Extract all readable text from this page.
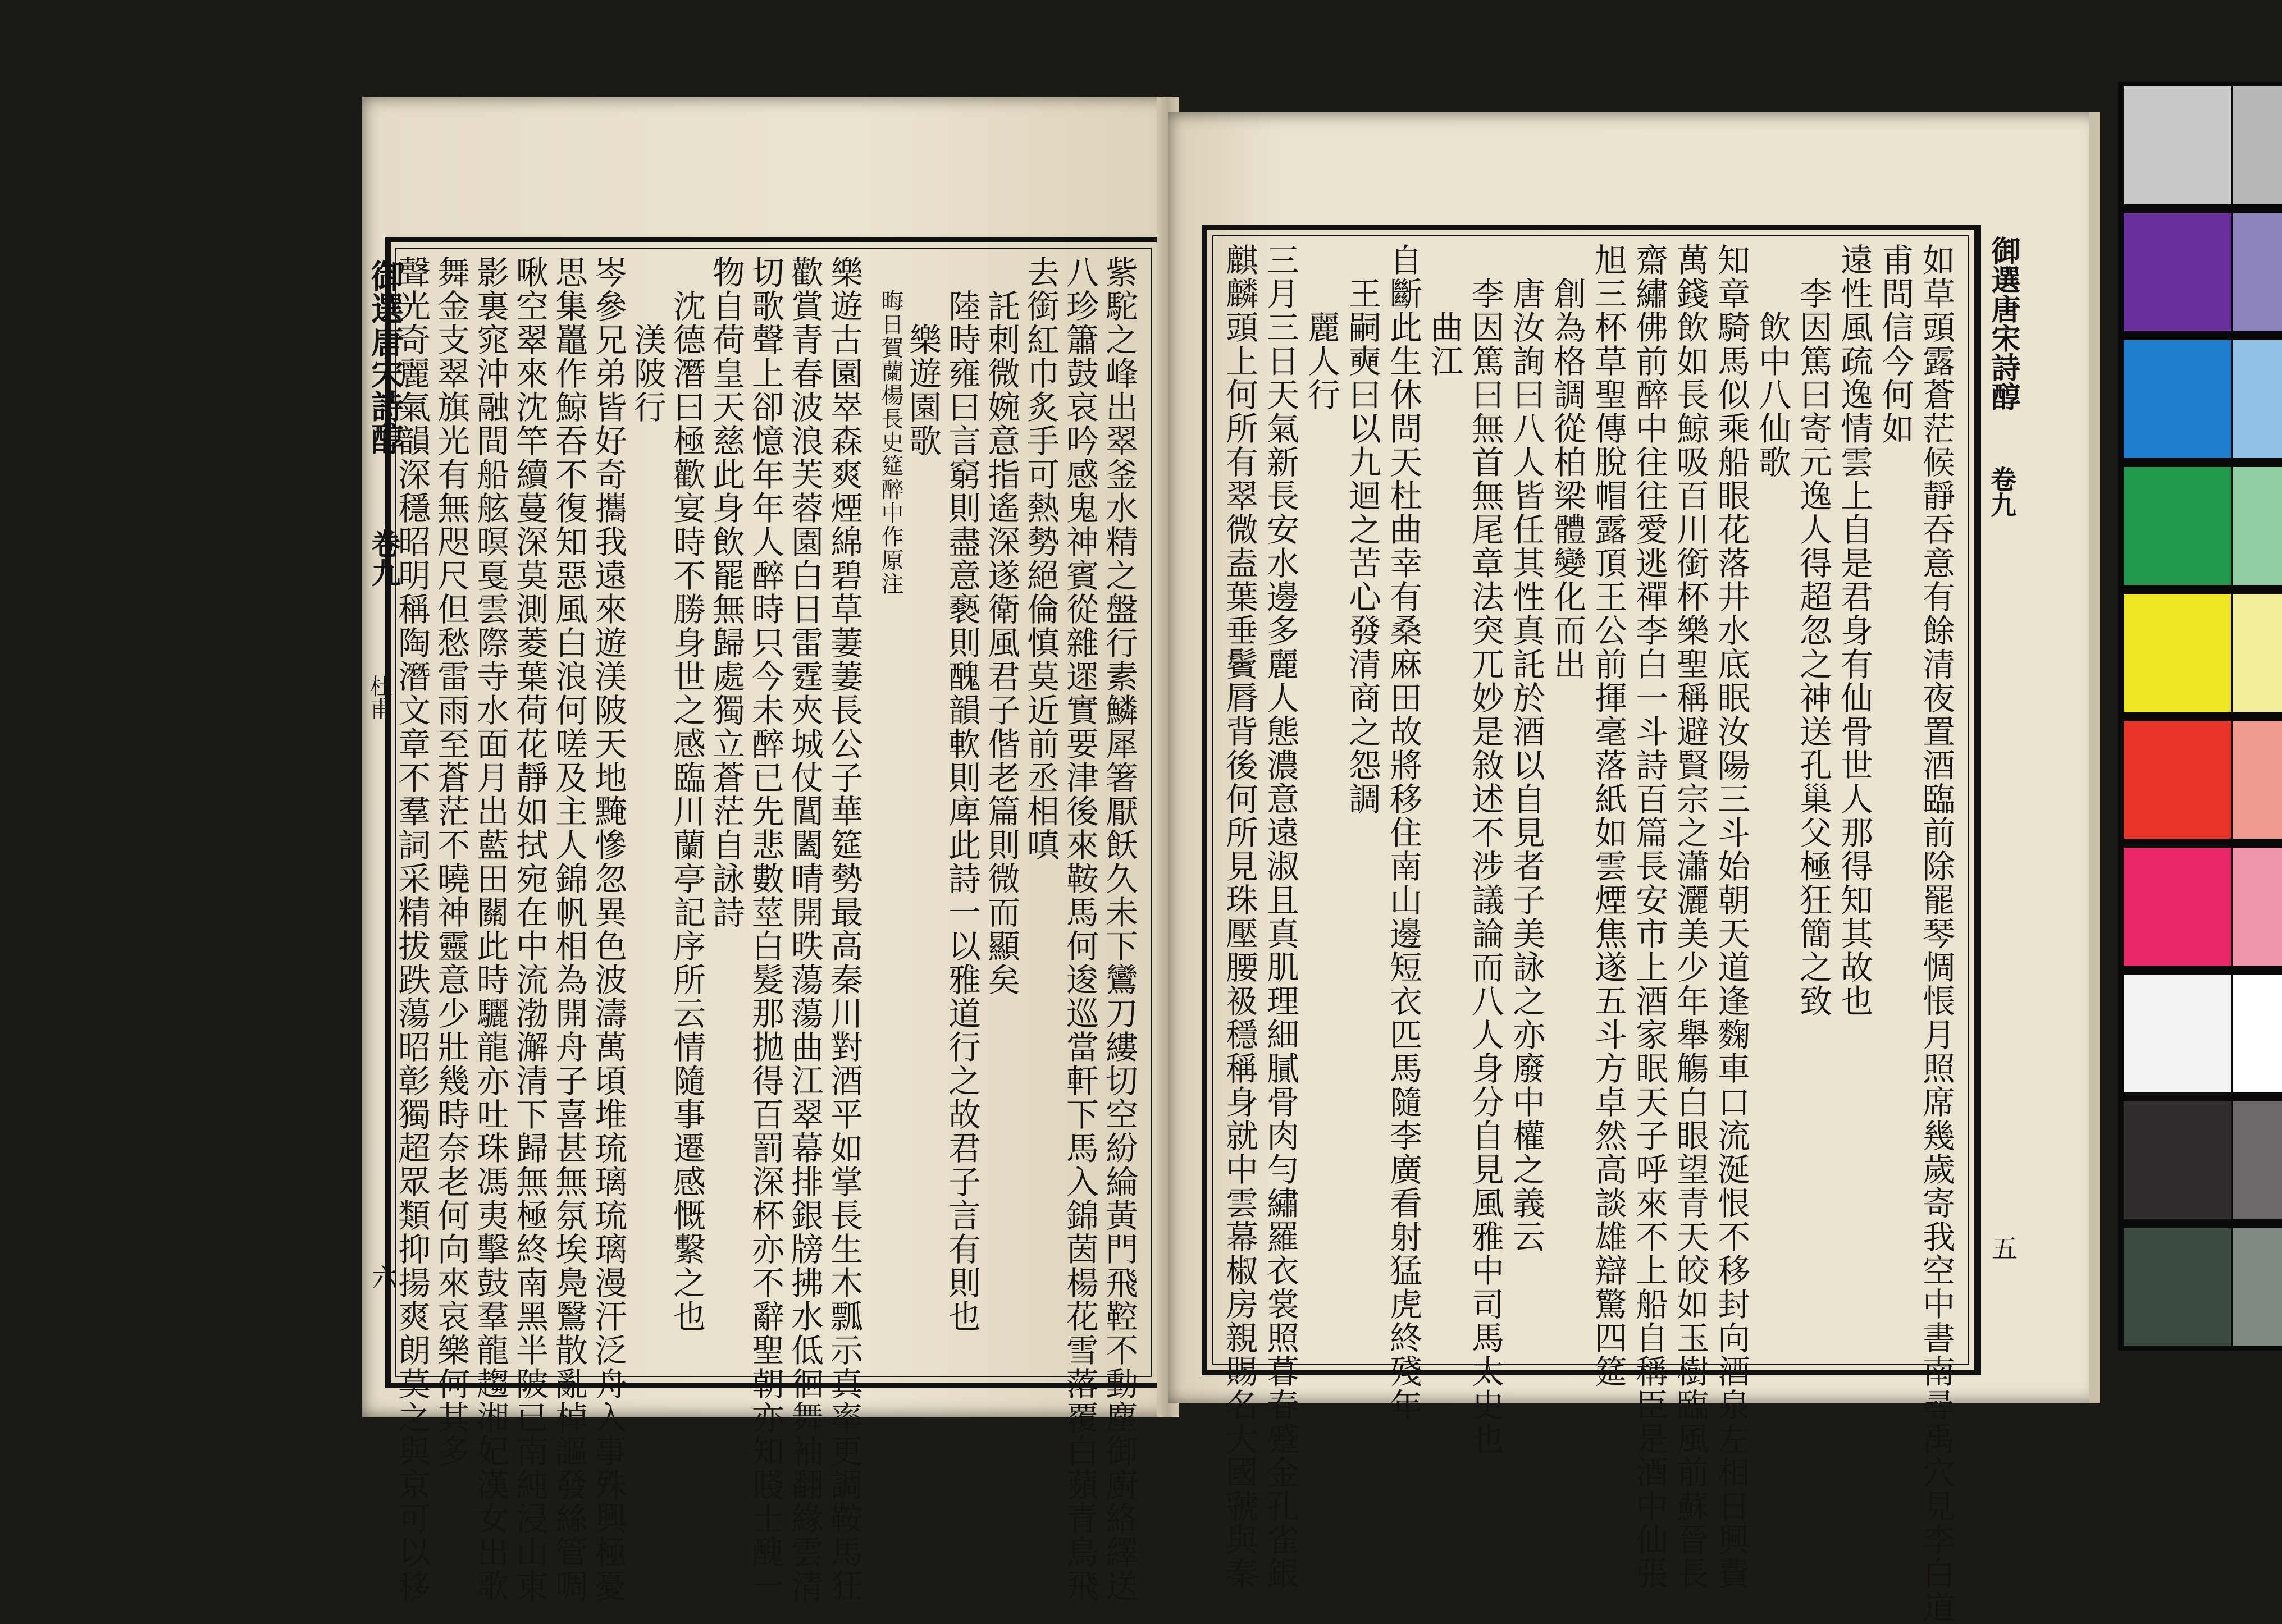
紫駝之峰出翠釜水精之盤行素鱗犀箸厭飫久未下鸞刀縷切空紛綸黃門飛鞚不動塵御廚絡繹送
八珍簫鼓哀吟感鬼神賓從雜遝實要津後來鞍馬何逡巡當軒下馬入錦茵楊花雪落覆白蘋青鳥飛
去銜紅巾炙手可熱勢絕倫慎莫近前丞相嗔
託刺微婉意指遙深遂衛風君子偕老篇則微而顯矣
陸時雍曰言窮則盡意褻則醜韻軟則庳此詩一以雅道行之故君子言有則也
樂遊園歌
晦日賀蘭楊長史筵醉中作原注
樂遊古園崒森爽煙綿碧草萋萋長公子華筵勢最高秦川對酒平如掌長生木瓢示真率更調鞍馬狂
歡賞青春波浪芙蓉園白日雷霆夾城仗閶闔晴開昳蕩蕩曲江翠幕排銀牓拂水低徊舞袖翻緣雲清
切歌聲上卻憶年年人醉時只今未醉已先悲數莖白髮那拋得百罰深杯亦不辭聖朝亦知賤士醜一
物自荷皇天慈此身飲罷無歸處獨立蒼茫自詠詩
沈德潛曰極歡宴時不勝身世之感臨川蘭亭記序所云情隨事遷感慨繫之也
渼陂行
岑參兄弟皆好奇攜我遠來遊渼陂天地黤慘忽異色波濤萬頃堆琉璃琉璃漫汗泛舟入事殊興極憂
思集鼉作鯨吞不復知惡風白浪何嗟及主人錦帆相為開舟子喜甚無氛埃鳧鷖散亂棹謳發絲管啁
啾空翠來沈竿續蔓深莫測菱葉荷花靜如拭宛在中流渤澥清下歸無極終南黑半陂已南純浸山東
影裏窕沖融間船舷暝戛雲際寺水面月出藍田關此時驪龍亦吐珠馮夷擊鼓羣龍趨湘妃漢女出歌
舞金支翠旗光有無咫尺但愁雷雨至蒼茫不曉神靈意少壯幾時奈老何向來哀樂何其多
聲光奇麗氣韻深穩昭明稱陶潛文章不羣詞采精拔跌蕩昭彰獨超眾類抑揚爽朗莫之與京可以移
御選唐宋詩醇
卷九
杜甫
六	如草頭露蒼茫候靜吞意有餘清夜置酒臨前除罷琴惆悵月照席幾歲寄我空中書南尋禹穴見李白道
甫問信今何如
遠性風疏逸情雲上自是君身有仙骨世人那得知其故也
李因篤曰寄元逸人得超忽之神送孔巢父極狂簡之致
飲中八仙歌
知章騎馬似乘船眼花落井水底眠汝陽三斗始朝天道逢麴車口流涎恨不移封向酒泉左相日興費
萬錢飲如長鯨吸百川銜杯樂聖稱避賢宗之瀟灑美少年舉觴白眼望青天皎如玉樹臨風前蘇晉長
齋繡佛前醉中往往愛逃禪李白一斗詩百篇長安市上酒家眠天子呼來不上船自稱臣是酒中仙張
旭三杯草聖傳脫帽露頂王公前揮毫落紙如雲煙焦遂五斗方卓然高談雄辯驚四筵
創為格調從柏梁體變化而出
唐汝詢曰八人皆任其性真託於酒以自見者子美詠之亦廢中權之義云
李因篤曰無首無尾章法突兀妙是敘述不涉議論而八人身分自見風雅中司馬太史也
曲江
自斷此生休問天杜曲幸有桑麻田故將移住南山邊短衣匹馬隨李廣看射猛虎終殘年
王嗣奭曰以九迴之苦心發清商之怨調
麗人行
三月三日天氣新長安水邊多麗人態濃意遠淑且真肌理細膩骨肉勻繡羅衣裳照暮春蹙金孔雀銀
麒麟頭上何所有翠微盍葉垂鬢脣背後何所見珠壓腰衱穩稱身就中雲幕椒房親賜名大國虢與秦	御選唐宋詩醇
卷九
五
